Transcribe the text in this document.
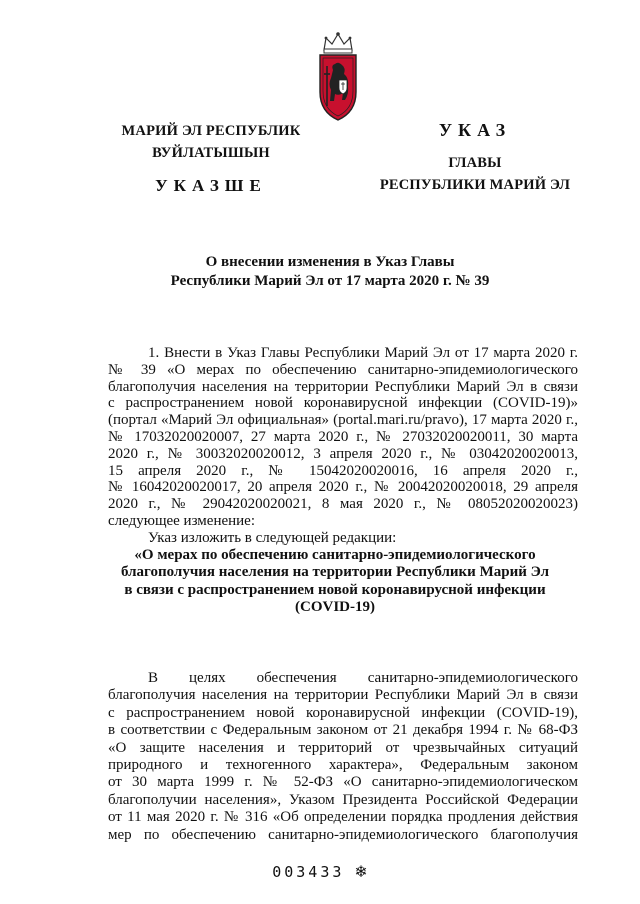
МАРИЙ ЭЛ РЕСПУБЛИК
ВУЙЛАТЫШЫН
УКАЗШЕ
УКАЗ
ГЛАВЫ
РЕСПУБЛИКИ МАРИЙ ЭЛ
О внесении изменения в Указ Главы
Республики Марий Эл от 17 марта 2020 г. № 39
1. Внести в Указ Главы Республики Марий Эл от 17 марта 2020 г.
№ 39 «О мерах по обеспечению санитарно-эпидемиологического
благополучия населения на территории Республики Марий Эл в связи
с распространением новой коронавирусной инфекции (COVID-19)»
(портал «Марий Эл официальная» (portal.mari.ru/pravo), 17 марта 2020 г.,
№ 17032020020007, 27 марта 2020 г., № 27032020020011, 30 марта
2020 г., № 30032020020012, 3 апреля 2020 г., № 03042020020013,
15 апреля 2020 г., № 15042020020016, 16 апреля 2020 г.,
№ 16042020020017, 20 апреля 2020 г., № 20042020020018, 29 апреля
2020 г., № 29042020020021, 8 мая 2020 г., № 08052020020023)
следующее изменение:
Указ изложить в следующей редакции:
«О мерах по обеспечению санитарно-эпидемиологического
благополучия населения на территории Республики Марий Эл
в связи с распространением новой коронавирусной инфекции
(COVID-19)
В целях обеспечения санитарно-эпидемиологического
благополучия населения на территории Республики Марий Эл в связи
с распространением новой коронавирусной инфекции (COVID-19),
в соответствии с Федеральным законом от 21 декабря 1994 г. № 68-ФЗ
«О защите населения и территорий от чрезвычайных ситуаций
природного и техногенного характера», Федеральным законом
от 30 марта 1999 г. № 52-ФЗ «О санитарно-эпидемиологическом
благополучии населения», Указом Президента Российской Федерации
от 11 мая 2020 г. № 316 «Об определении порядка продления действия
мер по обеспечению санитарно-эпидемиологического благополучия
003433 ❄
